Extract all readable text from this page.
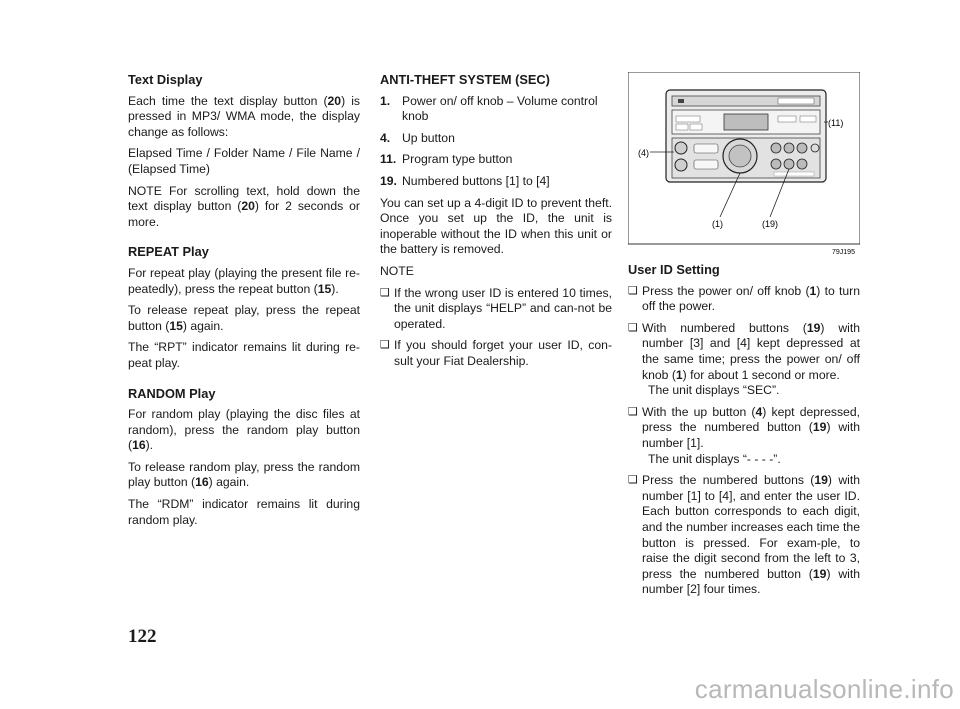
Text Display

Each time the text display button (20) is pressed in MP3/ WMA mode, the display change as follows:

Elapsed Time / Folder Name / File Name / (Elapsed Time)

NOTE For scrolling text, hold down the text display button (20) for 2 seconds or more.

REPEAT Play

For repeat play (playing the present file re-peatedly), press the repeat button (15).

To release repeat play, press the repeat button (15) again.

The “RPT” indicator remains lit during re-peat play.

RANDOM Play

For random play (playing the disc files at random), press the random play button (16).

To release random play, press the random play button (16) again.

The “RDM” indicator remains lit during random play.

ANTI-THEFT SYSTEM (SEC)
1. Power on/ off knob – Volume control knob
4. Up button
11. Program type button
19. Numbered buttons [1] to [4]

You can set up a 4-digit ID to prevent theft. Once you set up the ID, the unit is inoperable without the ID when this unit or the battery is removed.

NOTE

❑ If the wrong user ID is entered 10 times, the unit displays “HELP” and can-not be operated.
❑ If you should forget your user ID, con-sult your Fiat Dealership.
(4)
(11)
(1)	(19)
79J195
User ID Setting
❑ Press the power on/ off knob (1) to turn off the power.
❑ With numbered buttons (19) with number [3] and [4] kept depressed at the same time; press the power on/ off knob (1) for about 1 second or more.
The unit displays “SEC”.
❑ With the up button (4) kept depressed, press the numbered button (19) with number [1].
The unit displays “- - - -”.
❑ Press the numbered buttons (19) with number [1] to [4], and enter the user ID. Each button corresponds to each digit, and the number increases each time the button is pressed. For exam-ple, to raise the digit second from the left to 3, press the numbered button (19) with number [2] four times.
122
carmanualsonline.info
